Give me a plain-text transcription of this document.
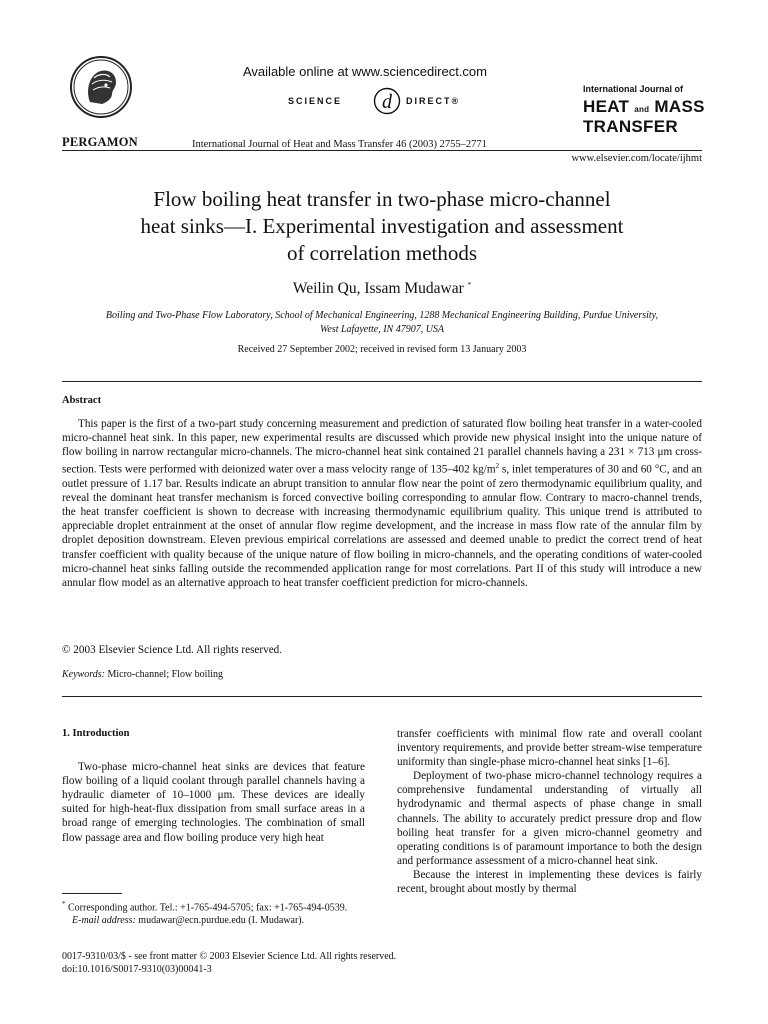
PERGAMON
Available online at www.sciencedirect.com
SCIENCE d DIRECT®
International Journal of Heat and Mass Transfer 46 (2003) 2755–2771
International Journal of
HEAT and MASS
TRANSFER
www.elsevier.com/locate/ijhmt
Flow boiling heat transfer in two-phase micro-channel
heat sinks—I. Experimental investigation and assessment
of correlation methods
Weilin Qu, Issam Mudawar *
Boiling and Two-Phase Flow Laboratory, School of Mechanical Engineering, 1288 Mechanical Engineering Building, Purdue University,
West Lafayette, IN 47907, USA
Received 27 September 2002; received in revised form 13 January 2003
Abstract
This paper is the first of a two-part study concerning measurement and prediction of saturated flow boiling heat transfer in a water-cooled micro-channel heat sink. In this paper, new experimental results are discussed which provide new physical insight into the unique nature of flow boiling in narrow rectangular micro-channels. The micro-channel heat sink contained 21 parallel channels having a 231 × 713 μm cross-section. Tests were performed with deionized water over a mass velocity range of 135–402 $kg/m^2$ s, inlet temperatures of 30 and 60 °C, and an outlet pressure of 1.17 bar. Results indicate an abrupt transition to annular flow near the point of zero thermodynamic equilibrium quality, and reveal the dominant heat transfer mechanism is forced convective boiling corresponding to annular flow. Contrary to macro-channel trends, the heat transfer coefficient is shown to decrease with increasing thermodynamic equilibrium quality. This unique trend is attributed to appreciable droplet entrainment at the onset of annular flow regime development, and the increase in mass flow rate of the annular film by droplet deposition downstream. Eleven previous empirical correlations are assessed and deemed unable to predict the correct trend of heat transfer coefficient with quality because of the unique nature of flow boiling in micro-channels, and the operating conditions of water-cooled micro-channel heat sinks falling outside the recommended application range for most correlations. Part II of this study will introduce a new annular flow model as an alternative approach to heat transfer coefficient prediction for micro-channels.
© 2003 Elsevier Science Ltd. All rights reserved.
Keywords: Micro-channel; Flow boiling
1. Introduction

Two-phase micro-channel heat sinks are devices that feature flow boiling of a liquid coolant through parallel channels having a hydraulic diameter of 10–1000 μm. These devices are ideally suited for high-heat-flux dissipation from small surface areas in a broad range of emerging technologies. The combination of small flow passage area and flow boiling produce very high heat

transfer coefficients with minimal flow rate and overall coolant inventory requirements, and provide better stream-wise temperature uniformity than single-phase micro-channel heat sinks [1–6].

Deployment of two-phase micro-channel technology requires a comprehensive fundamental understanding of virtually all hydrodynamic and thermal aspects of phase change in small channels. The ability to accurately predict pressure drop and flow boiling heat transfer for a given micro-channel geometry and operating conditions is of paramount importance to both the design and performance assessment of a micro-channel heat sink.

Because the interest in implementing these devices is fairly recent, brought about mostly by thermal

* Corresponding author. Tel.: +1-765-494-5705; fax: +1-765-494-0539.
E-mail address: mudawar@ecn.purdue.edu (I. Mudawar).
0017-9310/03/$ - see front matter © 2003 Elsevier Science Ltd. All rights reserved.
doi:10.1016/S0017-9310(03)00041-3
